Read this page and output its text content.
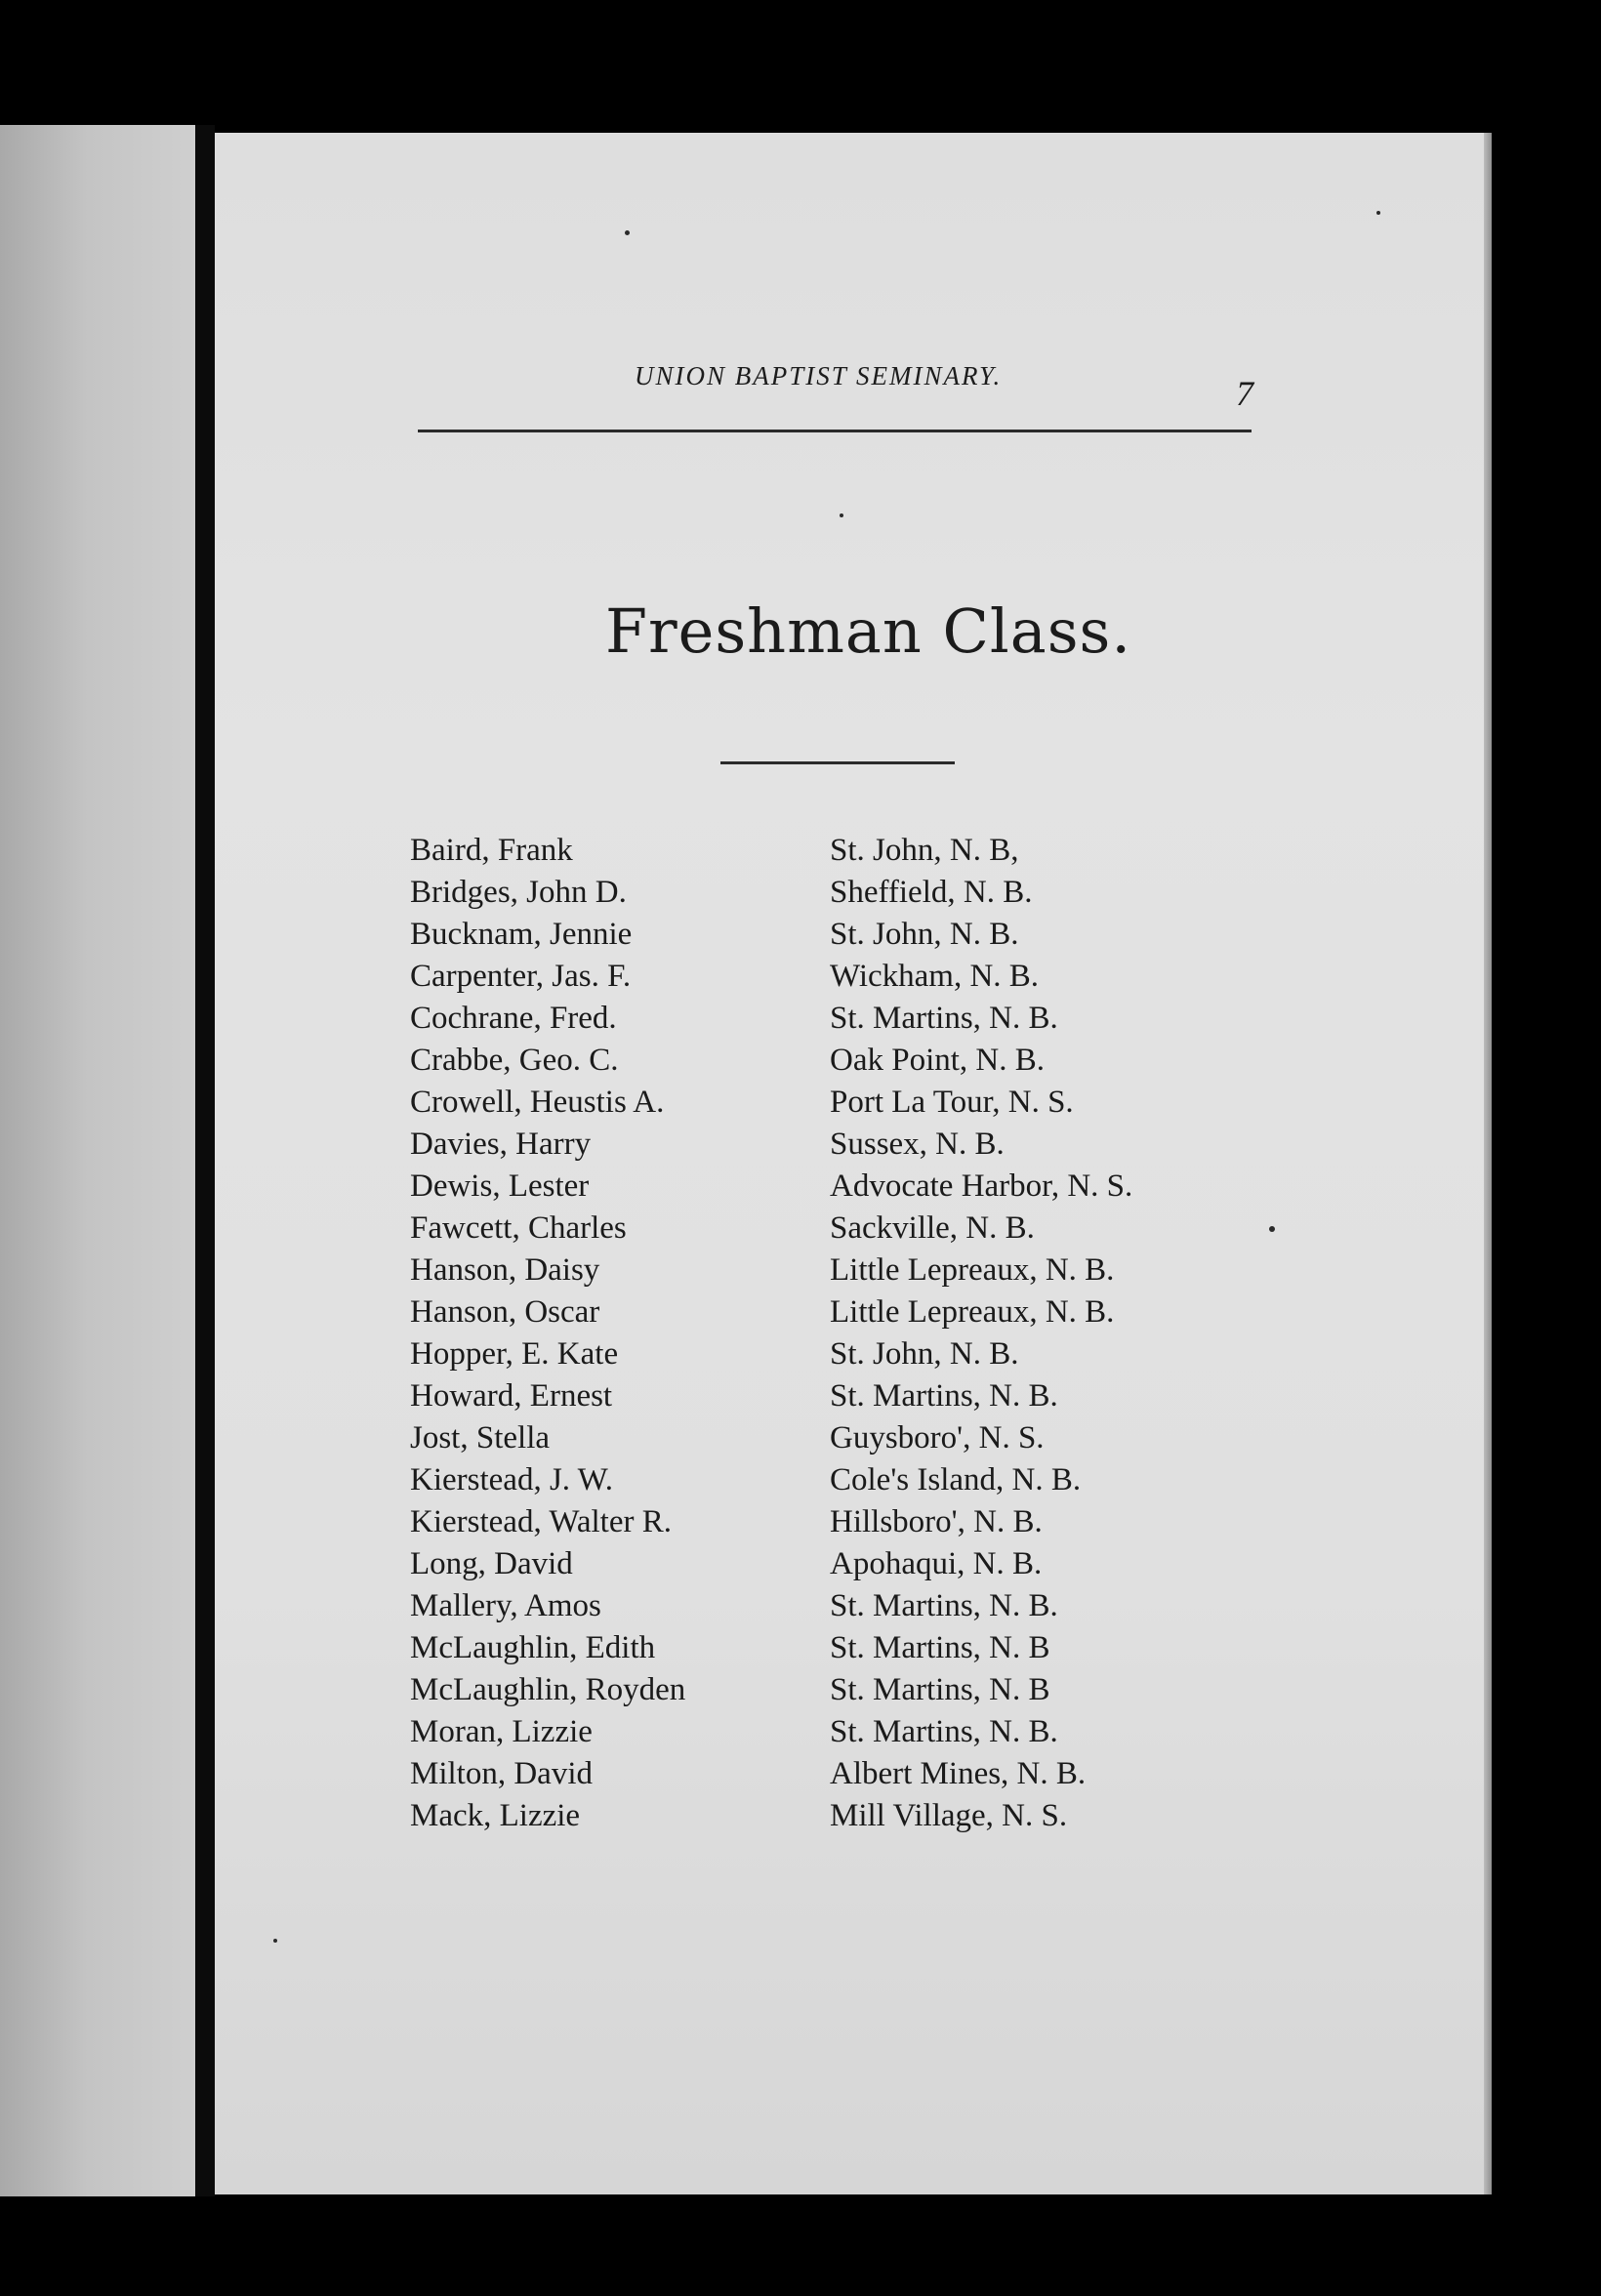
UNION BAPTIST SEMINARY.	7
Freshman Class.
Baird, Frank	St. John, N. B,
Bridges, John D.	Sheffield, N. B.
Bucknam, Jennie	St. John, N. B.
Carpenter, Jas. F.	Wickham, N. B.
Cochrane, Fred.	St. Martins, N. B.
Crabbe, Geo. C.	Oak Point, N. B.
Crowell, Heustis A.	Port La Tour, N. S.
Davies, Harry	Sussex, N. B.
Dewis, Lester	Advocate Harbor, N. S.
Fawcett, Charles	Sackville, N. B.
Hanson, Daisy	Little Lepreaux, N. B.
Hanson, Oscar	Little Lepreaux, N. B.
Hopper, E. Kate	St. John, N. B.
Howard, Ernest	St. Martins, N. B.
Jost, Stella	Guysboro', N. S.
Kierstead, J. W.	Cole's Island, N. B.
Kierstead, Walter R.	Hillsboro', N. B.
Long, David	Apohaqui, N. B.
Mallery, Amos	St. Martins, N. B.
McLaughlin, Edith	St. Martins, N. B
McLaughlin, Royden	St. Martins, N. B
Moran, Lizzie	St. Martins, N. B.
Milton, David	Albert Mines, N. B.
Mack, Lizzie	Mill Village, N. S.
